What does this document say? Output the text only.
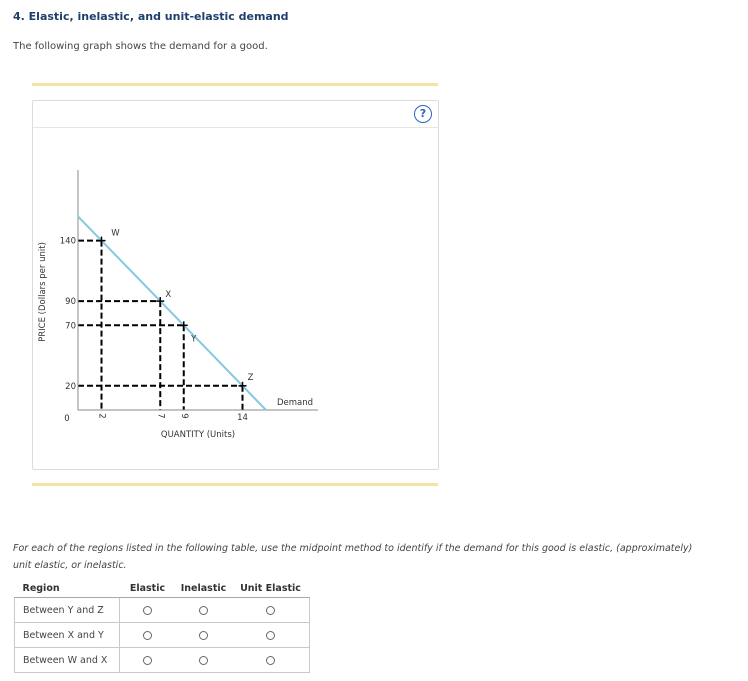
4. Elastic, inelastic, and unit-elastic demand
The following graph shows the demand for a good.
?
140
2
90
7
70
9
20
14
W
X
Y
Z
PRICE (Dollars per unit)
QUANTITY (Units)
0
Demand
For each of the regions listed in the following table, use the midpoint method to identify if the demand for this good is elastic, (approximately) unit elastic, or inelastic.
Region	Elastic	Inelastic	Unit Elastic
Between Y and Z			
Between X and Y			
Between W and X			
